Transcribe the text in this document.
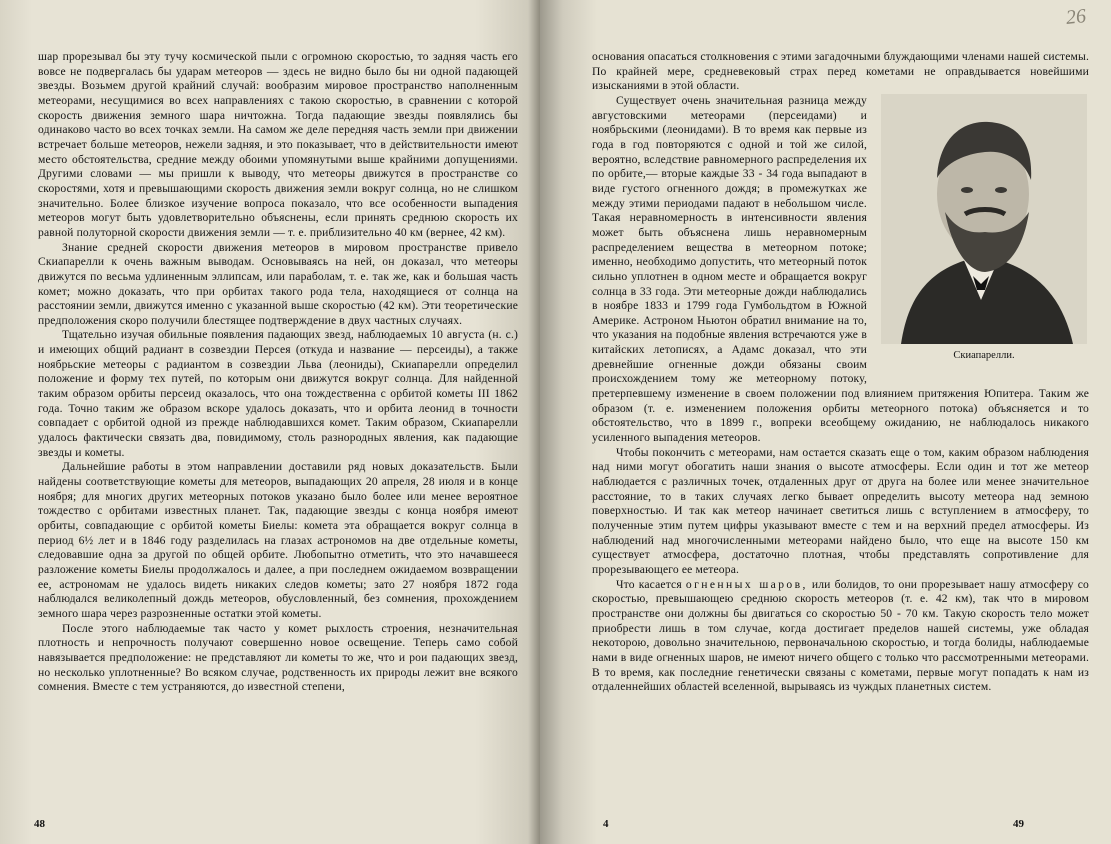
шар прорезывал бы эту тучу космической пыли с огромною скоростью, то задняя часть его вовсе не подвергалась бы ударам метеоров — здесь не видно было бы ни одной падающей звезды. Возьмем другой крайний случай: вообразим мировое пространство наполненным метеорами, несущимися во всех направлениях с такою скоростью, в сравнении с которой скорость движения земного шара ничтожна. Тогда падающие звезды появлялись бы одинаково часто во всех точках земли. На самом же деле передняя часть земли при движении встречает больше метеоров, нежели задняя, и это показывает, что в действительности имеют место обстоятельства, средние между обоими упомянутыми выше крайними допущениями. Другими словами — мы пришли к выводу, что метеоры движутся в пространстве со скоростями, хотя и превышающими скорость движения земли вокруг солнца, но не слишком значительно. Более близкое изучение вопроса показало, что все особенности выпадения метеоров могут быть удовлетворительно объяснены, если принять среднюю скорость их равной полуторной скорости движения земли — т. е. приблизительно 40 км (вернее, 42 км).

Знание средней скорости движения метеоров в мировом пространстве привело Скиапарелли к очень важным выводам. Основываясь на ней, он доказал, что метеоры движутся по весьма удлиненным эллипсам, или параболам, т. е. так же, как и большая часть комет; можно доказать, что при орбитах такого рода тела, находящиеся от солнца на расстоянии земли, движутся именно с указанной выше скоростью (42 км). Эти теоретические предположения скоро получили блестящее подтверждение в двух частных случаях.

Тщательно изучая обильные появления падающих звезд, наблюдаемых 10 августа (н. с.) и имеющих общий радиант в созвездии Персея (откуда и название — персеиды), а также ноябрьские метеоры с радиантом в созвездии Льва (леониды), Скиапарелли определил положение и форму тех путей, по которым они движутся вокруг солнца. Для найденной таким образом орбиты персеид оказалось, что она тождественна с орбитой кометы III 1862 года. Точно таким же образом вскоре удалось доказать, что и орбита леонид в точности совпадает с орбитой одной из прежде наблюдавшихся комет. Таким образом, Скиапарелли удалось фактически связать два, повидимому, столь разнородных явления, как падающие звезды и кометы.

Дальнейшие работы в этом направлении доставили ряд новых доказательств. Были найдены соответствующие кометы для метеоров, выпадающих 20 апреля, 28 июля и в конце ноября; для многих других метеорных потоков указано было более или менее вероятное тождество с орбитами известных планет. Так, падающие звезды с конца ноября имеют орбиты, совпадающие с орбитой кометы Биелы: комета эта обращается вокруг солнца в период 6½ лет и в 1846 году разделилась на глазах астрономов на две отдельные кометы, следовавшие одна за другой по общей орбите. Любопытно отметить, что это начавшееся разложение кометы Биелы продолжалось и далее, а при последнем ожидаемом возвращении ее, астрономам не удалось видеть никаких следов кометы; зато 27 ноября 1872 года наблюдался великолепный дождь метеоров, обусловленный, без сомнения, прохождением земного шара через разрозненные остатки этой кометы.

После этого наблюдаемые так часто у комет рыхлость строения, незначительная плотность и непрочность получают совершенно новое освещение. Теперь само собой навязывается предположение: не представляют ли кометы то же, что и рои падающих звезд, но несколько уплотненные? Во всяком случае, родственность их природы лежит вне всякого сомнения. Вместе с тем устраняются, до известной степени,

основания опасаться столкновения с этими загадочными блуждающими членами нашей системы. По крайней мере, средневековый страх перед кометами не оправдывается новейшими изысканиями в этой области.

Скиапарелли.

Существует очень значительная разница между августовскими метеорами (персеидами) и ноябрьскими (леонидами). В то время как первые из года в год повторяются с одной и той же силой, вероятно, вследствие равномерного распределения их по орбите,— вторые каждые 33 - 34 года выпадают в виде густого огненного дождя; в промежутках же между этими периодами падают в небольшом числе. Такая неравномерность в интенсивности явления может быть объяснена лишь неравномерным распределением вещества в метеорном потоке; именно, необходимо допустить, что метеорный поток сильно уплотнен в одном месте и обращается вокруг солнца в 33 года. Эти метеорные дожди наблюдались в ноябре 1833 и 1799 года Гумбольдтом в Южной Америке. Астроном Ньютон обратил внимание на то, что указания на подобные явления встречаются уже в китайских летописях, а Адамс доказал, что эти древнейшие огненные дожди обязаны своим происхождением тому же метеорному потоку, претерпевшему изменение в своем положении под влиянием притяжения Юпитера. Таким же образом (т. е. изменением положения орбиты метеорного потока) объясняется и то обстоятельство, что в 1899 г., вопреки всеобщему ожиданию, не наблюдалось никакого усиленного выпадения метеоров.

Чтобы покончить с метеорами, нам остается сказать еще о том, каким образом наблюдения над ними могут обогатить наши знания о высоте атмосферы. Если один и тот же метеор наблюдается с различных точек, отдаленных друг от друга на более или менее значительное расстояние, то в таких случаях легко бывает определить высоту метеора над земною поверхностью. И так как метеор начинает светиться лишь с вступлением в атмосферу, то полученные этим путем цифры указывают вместе с тем и на верхний предел атмосферы. Из наблюдений над многочисленными метеорами найдено было, что еще на высоте 150 км существует атмосфера, достаточно плотная, чтобы представлять сопротивление для прорезывающего ее метеора.

Что касается огненных шаров, или болидов, то они прорезывает нашу атмосферу со скоростью, превышающею среднюю скорость метеоров (т. е. 42 км), так что в мировом пространстве они должны бы двигаться со скоростью 50 - 70 км. Такую скорость тело может приобрести лишь в том случае, когда достигает пределов нашей системы, уже обладая некоторою, довольно значительною, первоначальною скоростью, и тогда болиды, наблюдаемые нами в виде огненных шаров, не имеют ничего общего с только что рассмотренными метеорами. В то время, как последние генетически связаны с кометами, первые могут попадать к нам из отдаленнейших областей вселенной, вырываясь из чуждых планетных систем.

48	4	49
26
